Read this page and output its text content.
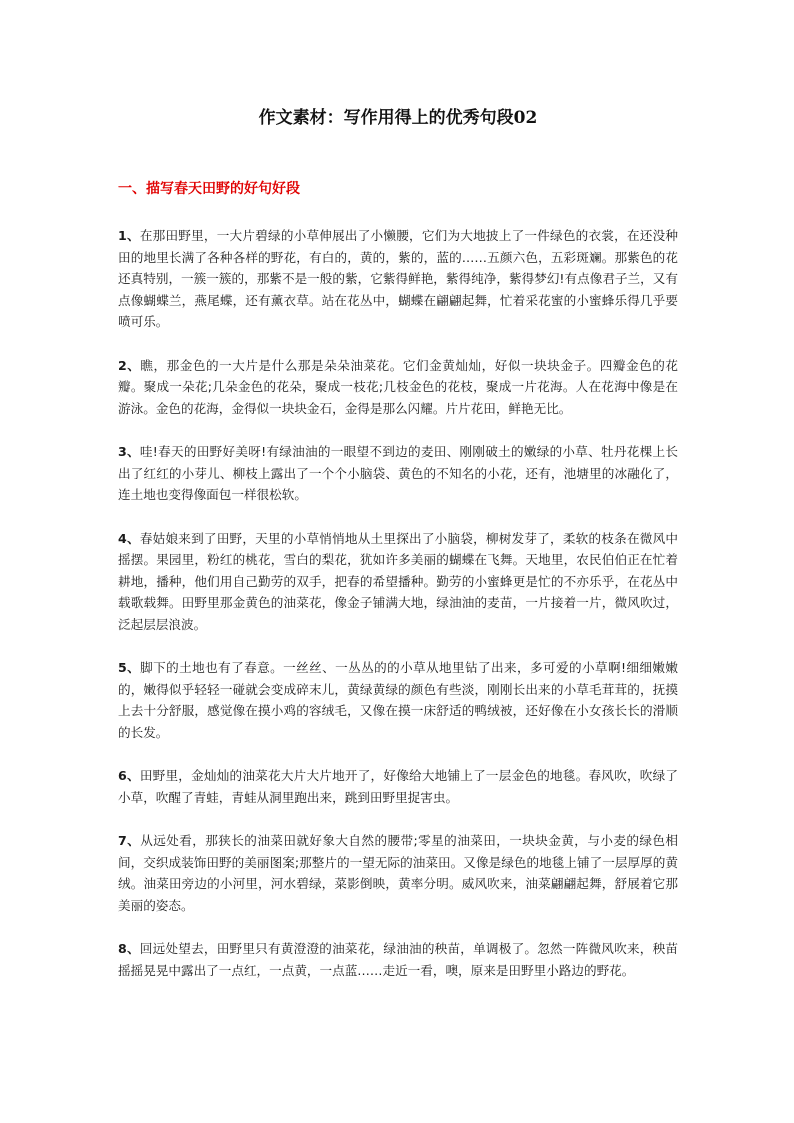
作文素材：写作用得上的优秀句段02
一、描写春天田野的好句好段

1、在那田野里，一大片碧绿的小草伸展出了小懒腰，它们为大地披上了一件绿色的衣裳，在还没种田的地里长满了各种各样的野花，有白的，黄的，紫的，蓝的……五颜六色，五彩斑斓。那紫色的花还真特别，一簇一簇的，那紫不是一般的紫，它紫得鲜艳，紫得纯净，紫得梦幻!有点像君子兰，又有点像蝴蝶兰，燕尾蝶，还有薰衣草。站在花丛中，蝴蝶在翩翩起舞，忙着采花蜜的小蜜蜂乐得几乎要喷可乐。

2、瞧，那金色的一大片是什么那是朵朵油菜花。它们金黄灿灿，好似一块块金子。四瓣金色的花瓣。聚成一朵花;几朵金色的花朵，聚成一枝花;几枝金色的花枝，聚成一片花海。人在花海中像是在游泳。金色的花海，金得似一块块金石，金得是那么闪耀。片片花田，鲜艳无比。

3、哇!春天的田野好美呀!有绿油油的一眼望不到边的麦田、刚刚破土的嫩绿的小草、牡丹花棵上长出了红红的小芽儿、柳枝上露出了一个个小脑袋、黄色的不知名的小花，还有，池塘里的冰融化了，连土地也变得像面包一样很松软。

4、春姑娘来到了田野，天里的小草悄悄地从土里探出了小脑袋，柳树发芽了，柔软的枝条在微风中摇摆。果园里，粉红的桃花，雪白的梨花，犹如许多美丽的蝴蝶在飞舞。天地里，农民伯伯正在忙着耕地，播种，他们用自己勤劳的双手，把春的希望播种。勤劳的小蜜蜂更是忙的不亦乐乎，在花丛中载歌载舞。田野里那金黄色的油菜花，像金子铺满大地，绿油油的麦苗，一片接着一片，微风吹过，泛起层层浪波。

5、脚下的土地也有了春意。一丝丝、一丛丛的的小草从地里钻了出来，多可爱的小草啊!细细嫩嫩的，嫩得似乎轻轻一碰就会变成碎末儿，黄绿黄绿的颜色有些淡，刚刚长出来的小草毛茸茸的，抚摸上去十分舒服，感觉像在摸小鸡的容绒毛，又像在摸一床舒适的鸭绒被，还好像在小女孩长长的滑顺的长发。

6、田野里，金灿灿的油菜花大片大片地开了，好像给大地铺上了一层金色的地毯。春风吹，吹绿了小草，吹醒了青蛙，青蛙从洞里跑出来，跳到田野里捉害虫。

7、从远处看，那狭长的油菜田就好象大自然的腰带;零星的油菜田，一块块金黄，与小麦的绿色相间，交织成装饰田野的美丽图案;那整片的一望无际的油菜田。又像是绿色的地毯上铺了一层厚厚的黄绒。油菜田旁边的小河里，河水碧绿，菜影倒映，黄率分明。威风吹来，油菜翩翩起舞，舒展着它那美丽的姿态。

8、回远处望去，田野里只有黄澄澄的油菜花，绿油油的秧苗，单调极了。忽然一阵微风吹来，秧苗摇摇晃晃中露出了一点红，一点黄，一点蓝……走近一看，噢，原来是田野里小路边的野花。
